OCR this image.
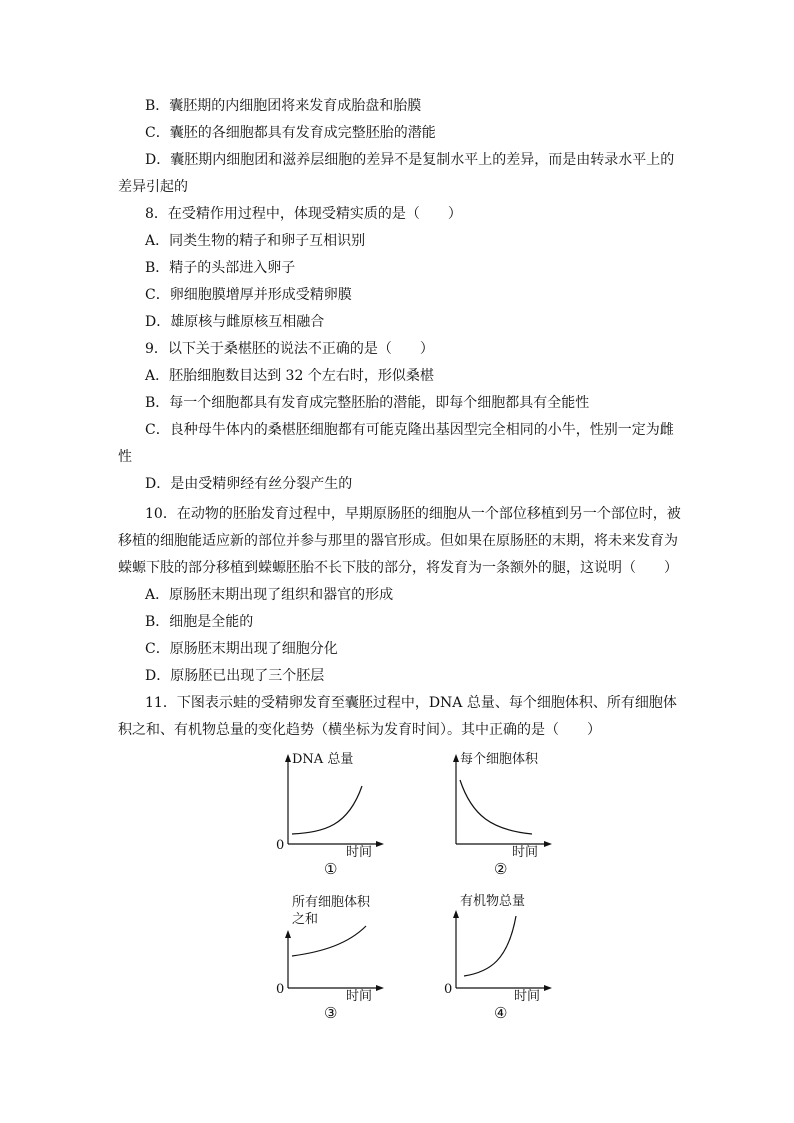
B．囊胚期的内细胞团将来发育成胎盘和胎膜
C．囊胚的各细胞都具有发育成完整胚胎的潜能
D．囊胚期内细胞团和滋养层细胞的差异不是复制水平上的差异，而是由转录水平上的
差异引起的
8．在受精作用过程中，体现受精实质的是（　　）
A．同类生物的精子和卵子互相识别
B．精子的头部进入卵子
C．卵细胞膜增厚并形成受精卵膜
D．雄原核与雌原核互相融合
9．以下关于桑椹胚的说法不正确的是（　　）
A．胚胎细胞数目达到 32 个左右时，形似桑椹
B．每一个细胞都具有发育成完整胚胎的潜能，即每个细胞都具有全能性
C．良种母牛体内的桑椹胚细胞都有可能克隆出基因型完全相同的小牛，性别一定为雌
性
D．是由受精卵经有丝分裂产生的
10．在动物的胚胎发育过程中，早期原肠胚的细胞从一个部位移植到另一个部位时，被
移植的细胞能适应新的部位并参与那里的器官形成。但如果在原肠胚的末期，将未来发育为
蝾螈下肢的部分移植到蝾螈胚胎不长下肢的部分，将发育为一条额外的腿，这说明（　　）
A．原肠胚末期出现了组织和器官的形成
B．细胞是全能的
C．原肠胚末期出现了细胞分化
D．原肠胚已出现了三个胚层
11．下图表示蛙的受精卵发育至囊胚过程中，DNA 总量、每个细胞体积、所有细胞体
积之和、有机物总量的变化趋势（横坐标为发育时间）。其中正确的是（　　）
DNA 总量
0	时间
①
每个细胞体积
时间
②
所有细胞体积之和
0	时间
③
有机物总量
0	时间
④
